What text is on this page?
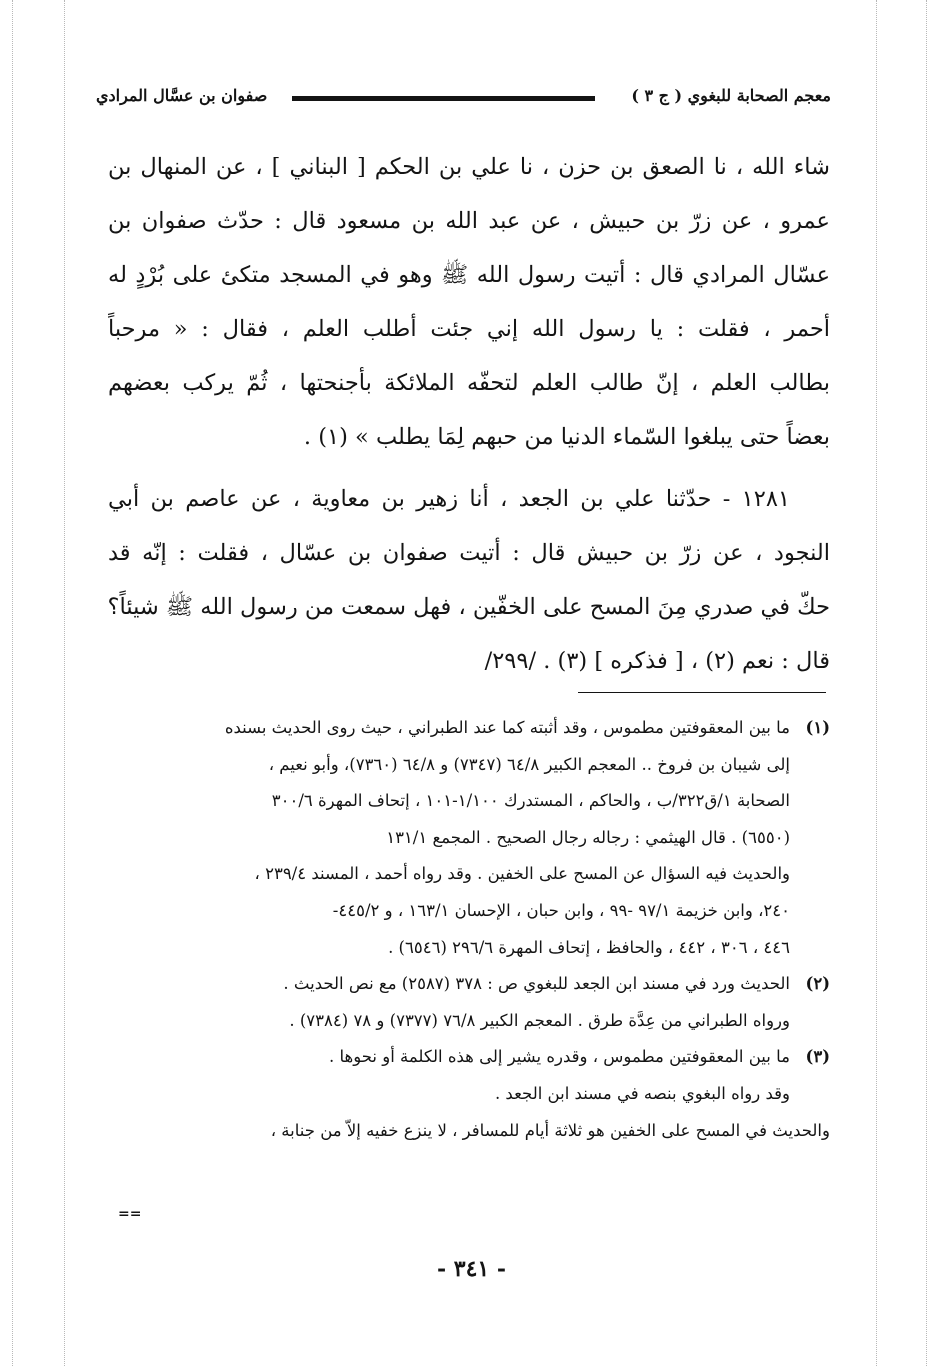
معجم الصحابة للبغوي ( ج ٣ )
صفوان بن عسَّال المرادي
شاء الله ، نا الصعق بن حزن ، نا علي بن الحكم [ البناني ] ، عن المنهال بن
عمرو ، عن زرّ بن حبيش ، عن عبد الله بن مسعود قال : حدّث صفوان بن
عسّال المرادي قال : أتيت رسول الله ﷺ وهو في المسجد متكئ على بُرْدٍ له
أحمر ، فقلت : يا رسول الله إني جئت أطلب العلم ، فقال : « مرحباً
بطالب العلم ، إنّ طالب العلم لتحفّه الملائكة بأجنحتها ، ثُمّ يركب بعضهم
بعضاً حتى يبلغوا السّماء الدنيا من حبهم لِمَا يطلب » (١) .
١٢٨١ - حدّثنا علي بن الجعد ، أنا زهير بن معاوية ، عن عاصم بن أبي
النجود ، عن زرّ بن حبيش قال : أتيت صفوان بن عسّال ، فقلت : إنّه قد
حكّ في صدري مِنَ المسح على الخفّين ، فهل سمعت من رسول الله ﷺ شيئاً؟
قال : نعم (٢) ، [ فذكره ] (٣) . /٢٩٩/
(١)ما بين المعقوفتين مطموس ، وقد أثبته كما عند الطبراني ، حيث روى الحديث بسنده
إلى شيبان بن فروخ .. المعجم الكبير ٦٤/٨ (٧٣٤٧) و ٦٤/٨ (٧٣٦٠)، وأبو نعيم ،
الصحابة ١/ق٣٢٢/ب ، والحاكم ، المستدرك ١/١٠٠-١٠١ ، إتحاف المهرة ٣٠٠/٦
(٦٥٥٠) . قال الهيثمي : رجاله رجال الصحيح . المجمع ١٣١/١
والحديث فيه السؤال عن المسح على الخفين . وقد رواه أحمد ، المسند ٢٣٩/٤ ،
٢٤٠، وابن خزيمة ٩٧/١ -٩٩ ، وابن حبان ، الإحسان ١٦٣/١ ، و ٤٤٥/٢-
٤٤٦ ، ٣٠٦ ، ٤٤٢ ، والحافظ ، إتحاف المهرة ٢٩٦/٦ (٦٥٤٦) .
(٢)الحديث ورد في مسند ابن الجعد للبغوي ص : ٣٧٨ (٢٥٨٧) مع نص الحديث .
ورواه الطبراني من عِدَّة طرق . المعجم الكبير ٧٦/٨ (٧٣٧٧) و ٧٨ (٧٣٨٤) .
(٣)ما بين المعقوفتين مطموس ، وقدره يشير إلى هذه الكلمة أو نحوها .
وقد رواه البغوي بنصه في مسند ابن الجعد .
والحديث في المسح على الخفين هو ثلاثة أيام للمسافر ، لا ينزع خفيه إلاّ من جنابة ،
==
- ٣٤١ -
